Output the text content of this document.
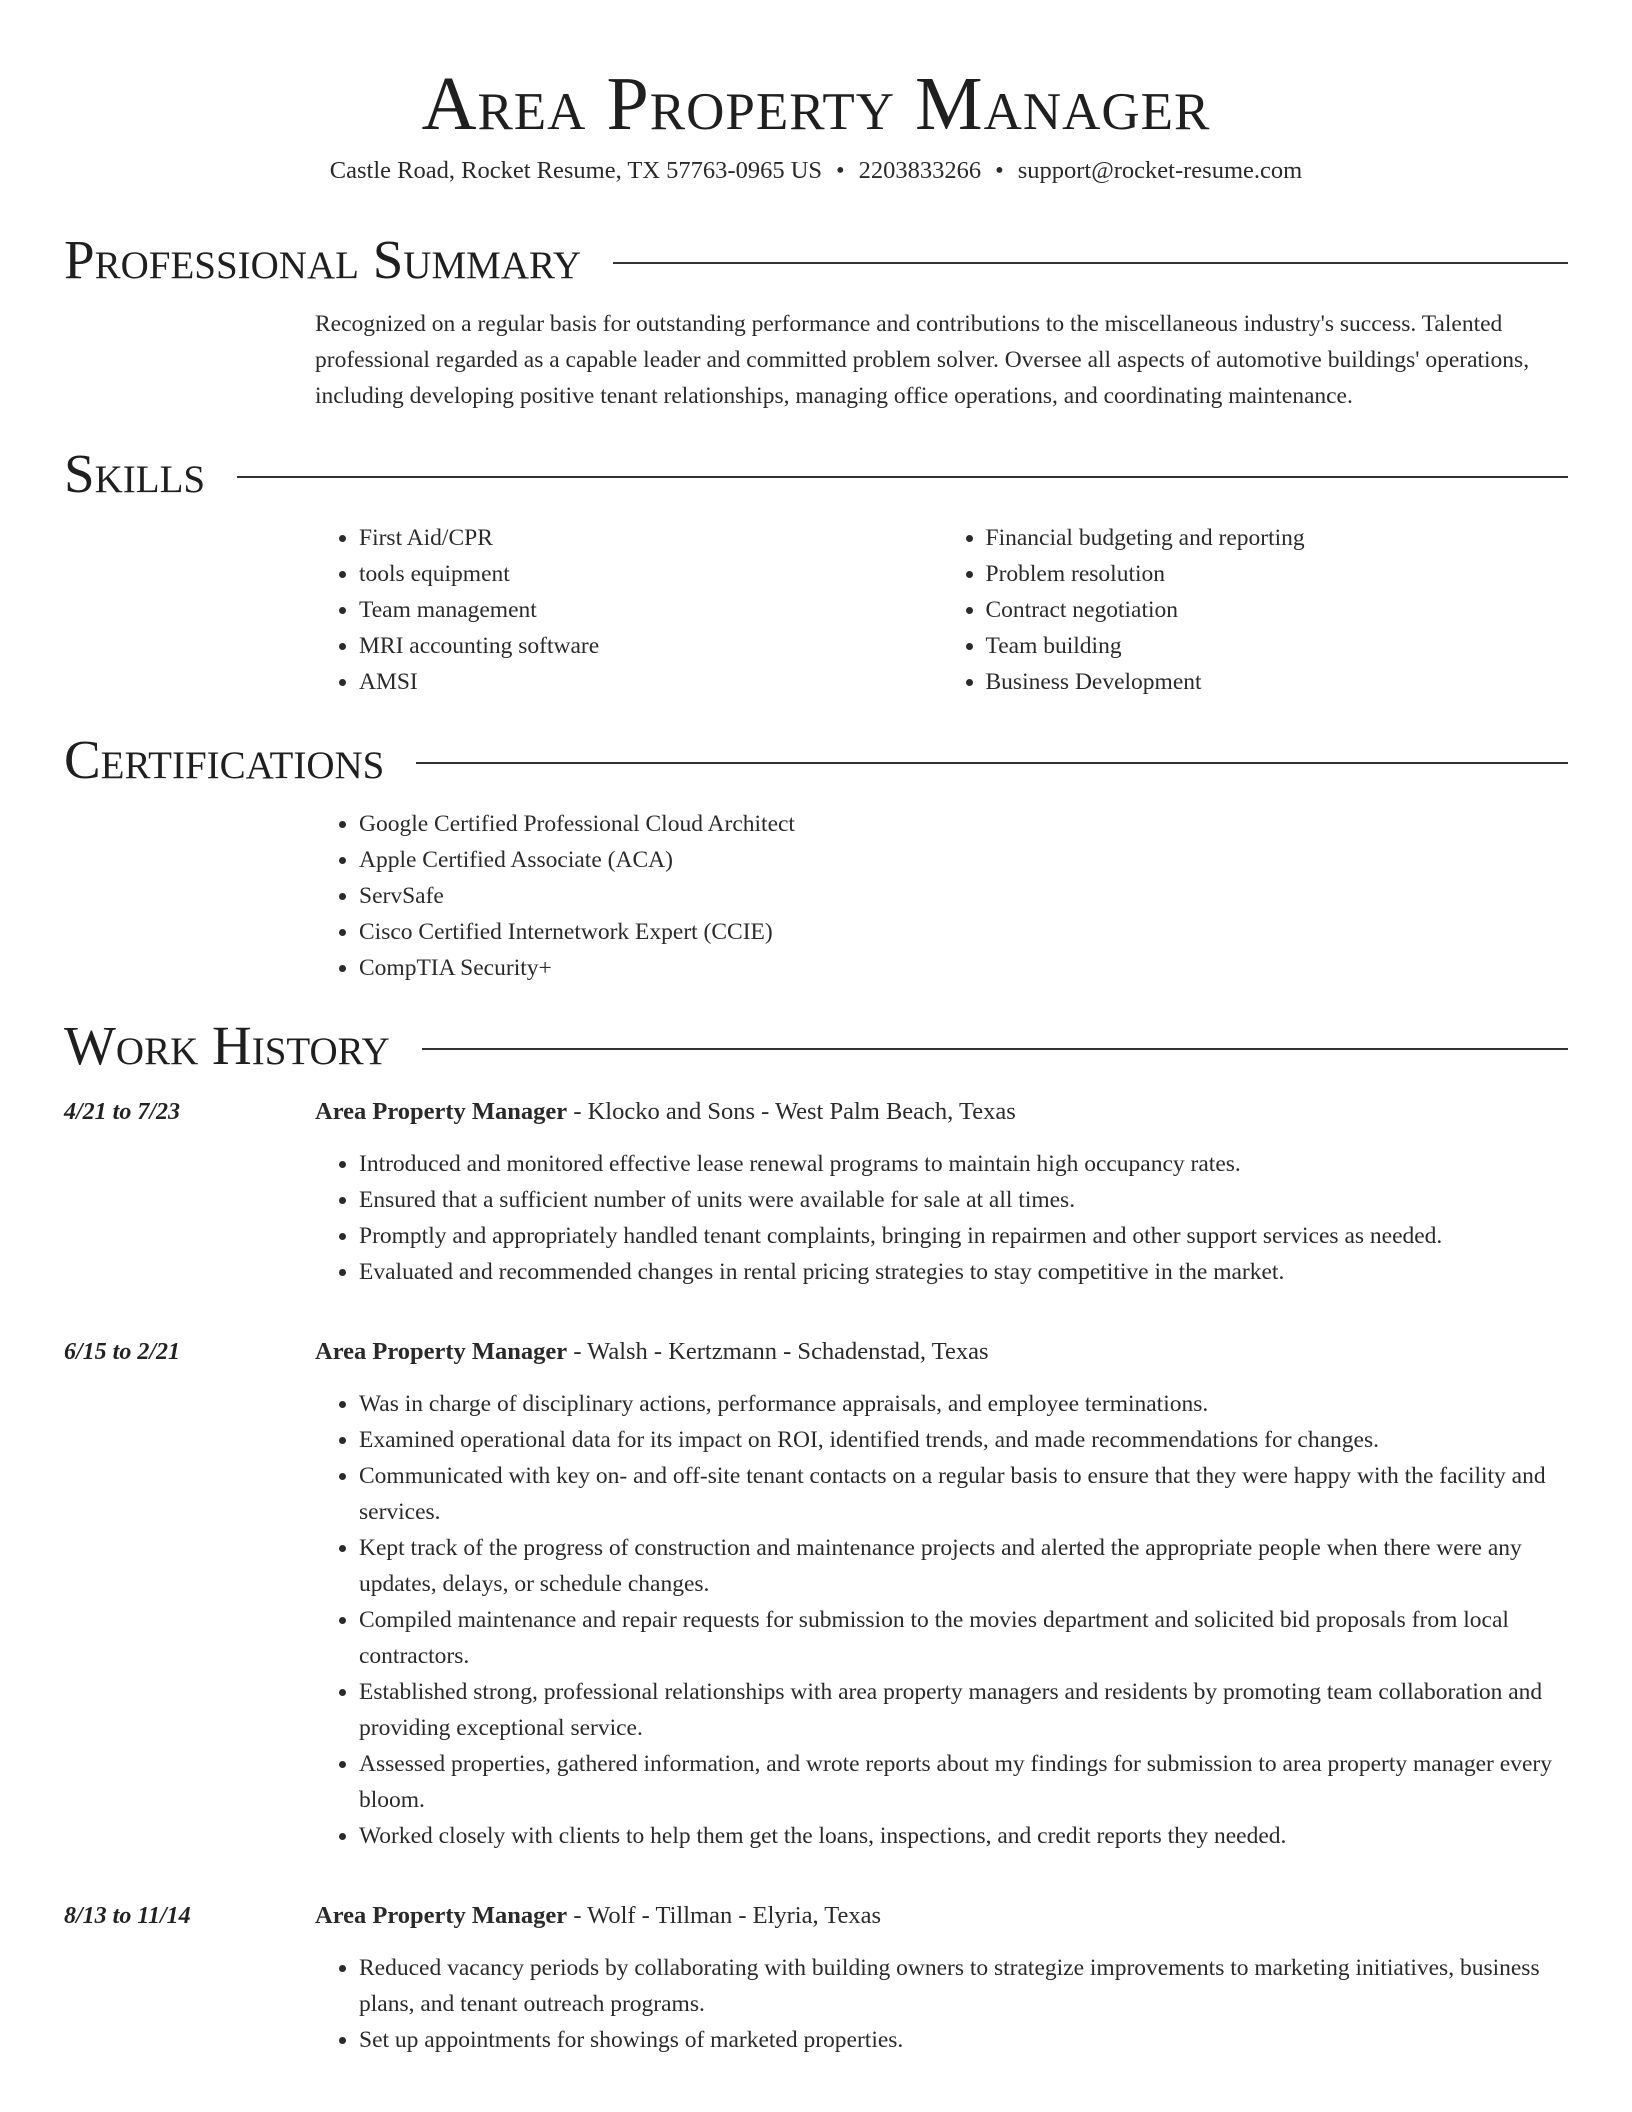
Area Property Manager
Castle Road, Rocket Resume, TX 57763-0965 US • 2203833266 • support@rocket-resume.com
Professional Summary

Recognized on a regular basis for outstanding performance and contributions to the miscellaneous industry's success. Talented professional regarded as a capable leader and committed problem solver. Oversee all aspects of automotive buildings' operations, including developing positive tenant relationships, managing office operations, and coordinating maintenance.

Skills
• First Aid/CPR
• tools equipment
• Team management
• MRI accounting software
• AMSI
• Financial budgeting and reporting
• Problem resolution
• Contract negotiation
• Team building
• Business Development
Certifications
• Google Certified Professional Cloud Architect
• Apple Certified Associate (ACA)
• ServSafe
• Cisco Certified Internetwork Expert (CCIE)
• CompTIA Security+
Work History
4/21 to 7/23	Area Property Manager - Klocko and Sons - West Palm Beach, Texas
• Introduced and monitored effective lease renewal programs to maintain high occupancy rates.
• Ensured that a sufficient number of units were available for sale at all times.
• Promptly and appropriately handled tenant complaints, bringing in repairmen and other support services as needed.
• Evaluated and recommended changes in rental pricing strategies to stay competitive in the market.
6/15 to 2/21	Area Property Manager - Walsh - Kertzmann - Schadenstad, Texas
• Was in charge of disciplinary actions, performance appraisals, and employee terminations.
• Examined operational data for its impact on ROI, identified trends, and made recommendations for changes.
• Communicated with key on- and off-site tenant contacts on a regular basis to ensure that they were happy with the facility and services.
• Kept track of the progress of construction and maintenance projects and alerted the appropriate people when there were any updates, delays, or schedule changes.
• Compiled maintenance and repair requests for submission to the movies department and solicited bid proposals from local contractors.
• Established strong, professional relationships with area property managers and residents by promoting team collaboration and providing exceptional service.
• Assessed properties, gathered information, and wrote reports about my findings for submission to area property manager every bloom.
• Worked closely with clients to help them get the loans, inspections, and credit reports they needed.
8/13 to 11/14	Area Property Manager - Wolf - Tillman - Elyria, Texas
• Reduced vacancy periods by collaborating with building owners to strategize improvements to marketing initiatives, business plans, and tenant outreach programs.
• Set up appointments for showings of marketed properties.
